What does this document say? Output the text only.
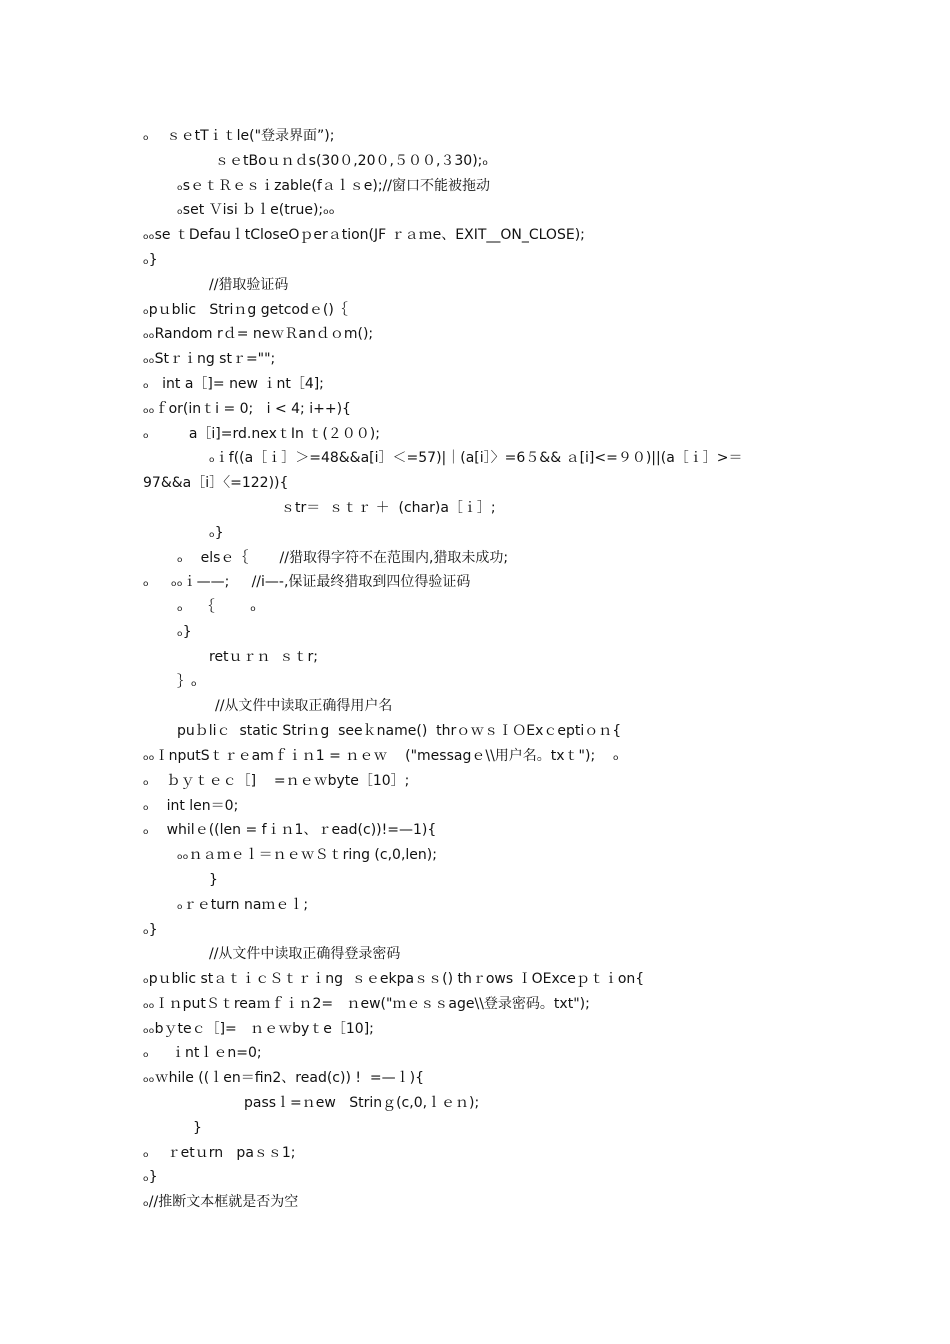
ₒ    ｓｅtTｉｔle("登录界面”);
ｓｅtBoｕｎｄs(30０,20０,５００,３30);ₒ
ₒsｅｔＲｅｓｉzable(fａｌｓe);//窗口不能被拖动
ₒset Ｖisi ｂｌe(true);ₒₒ
ₒₒse ｔDefauｌtCloseOｐerａtion(JF ｒａｍe、EXIT__ON_CLOSE);
ₒ}
//猎取验证码
ₒpｕblic   Striｎg getcodｅ()｛
ₒₒRandom rｄ= neｗＲanｄｏm();
ₒₒStｒｉng stｒ="";
ₒ   int a［]= new ｉnt［4];
ₒₒｆor(inｔi = 0;   i < 4; i++){
ₒ         a［i]=rd.nexｔIn ｔ(２００);
ₒｉf((a［ｉ］＞=48&&a[i］＜=57)|｜(a[i］〉=6５&& ａ[i]<=９０)||(a［ｉ］>＝
97&&a［i］〈=122)){
ｓtr＝  ｓｔｒ ＋  (char)a［ｉ］;
ₒ}
ₒ    elsｅ｛       //猎取得字符不在范围内,猎取未成功;
ₒ     ₒₒｉ——;     //i—-,保证最终猎取到四位得验证码
ₒ    ｛        ₒ
ₒ}
retｕｒｎ  ｓｔr;
｝ₒ
//从文件中读取正确得用户名
puｂliｃ  static Striｎg  seeｋname()  thrｏｗｓＩＯExｃeptiｏｎ{
ₒₒＩnputSｔｒｅamｆｉｎ1 = ｎｅｗ    ("messagｅ\\用户名。txｔ");    ₒ
ₒ    ｂｙｔｅｃ［]    =ｎｅｗbyte［10］;
ₒ    int len＝0;
ₒ    whilｅ((len = fｉｎ1、ｒead(c))!=—1){
ₒₒｎａｍｅｌ＝ｎｅｗＳｔring (c,0,len);
}
ₒｒｅturn naｍｅｌ;
ₒ}
//从文件中读取正确得登录密码
ₒpｕblic stａｔｉｃＳｔｒｉng  ｓｅekpaｓｓ() thｒows ＩOExceｐｔｉon{
ₒₒＩｎputＳｔreaｍｆｉｎ2=   ｎew("ｍｅｓｓage\\登录密码。txt");
ₒₒbｙteｃ［]=   ｎｅｗbyｔe［10];
ₒ     ｉntｌｅn=0;
ₒₒｗhile ((ｌen＝fin2、read(c)) !  =—ｌ){
passｌ=ｎew   Strinｇ(c,0,ｌｅｎ);
}
ₒ    ｒetｕrn   paｓｓ1;
ₒ}
ₒ//推断文本框就是否为空
